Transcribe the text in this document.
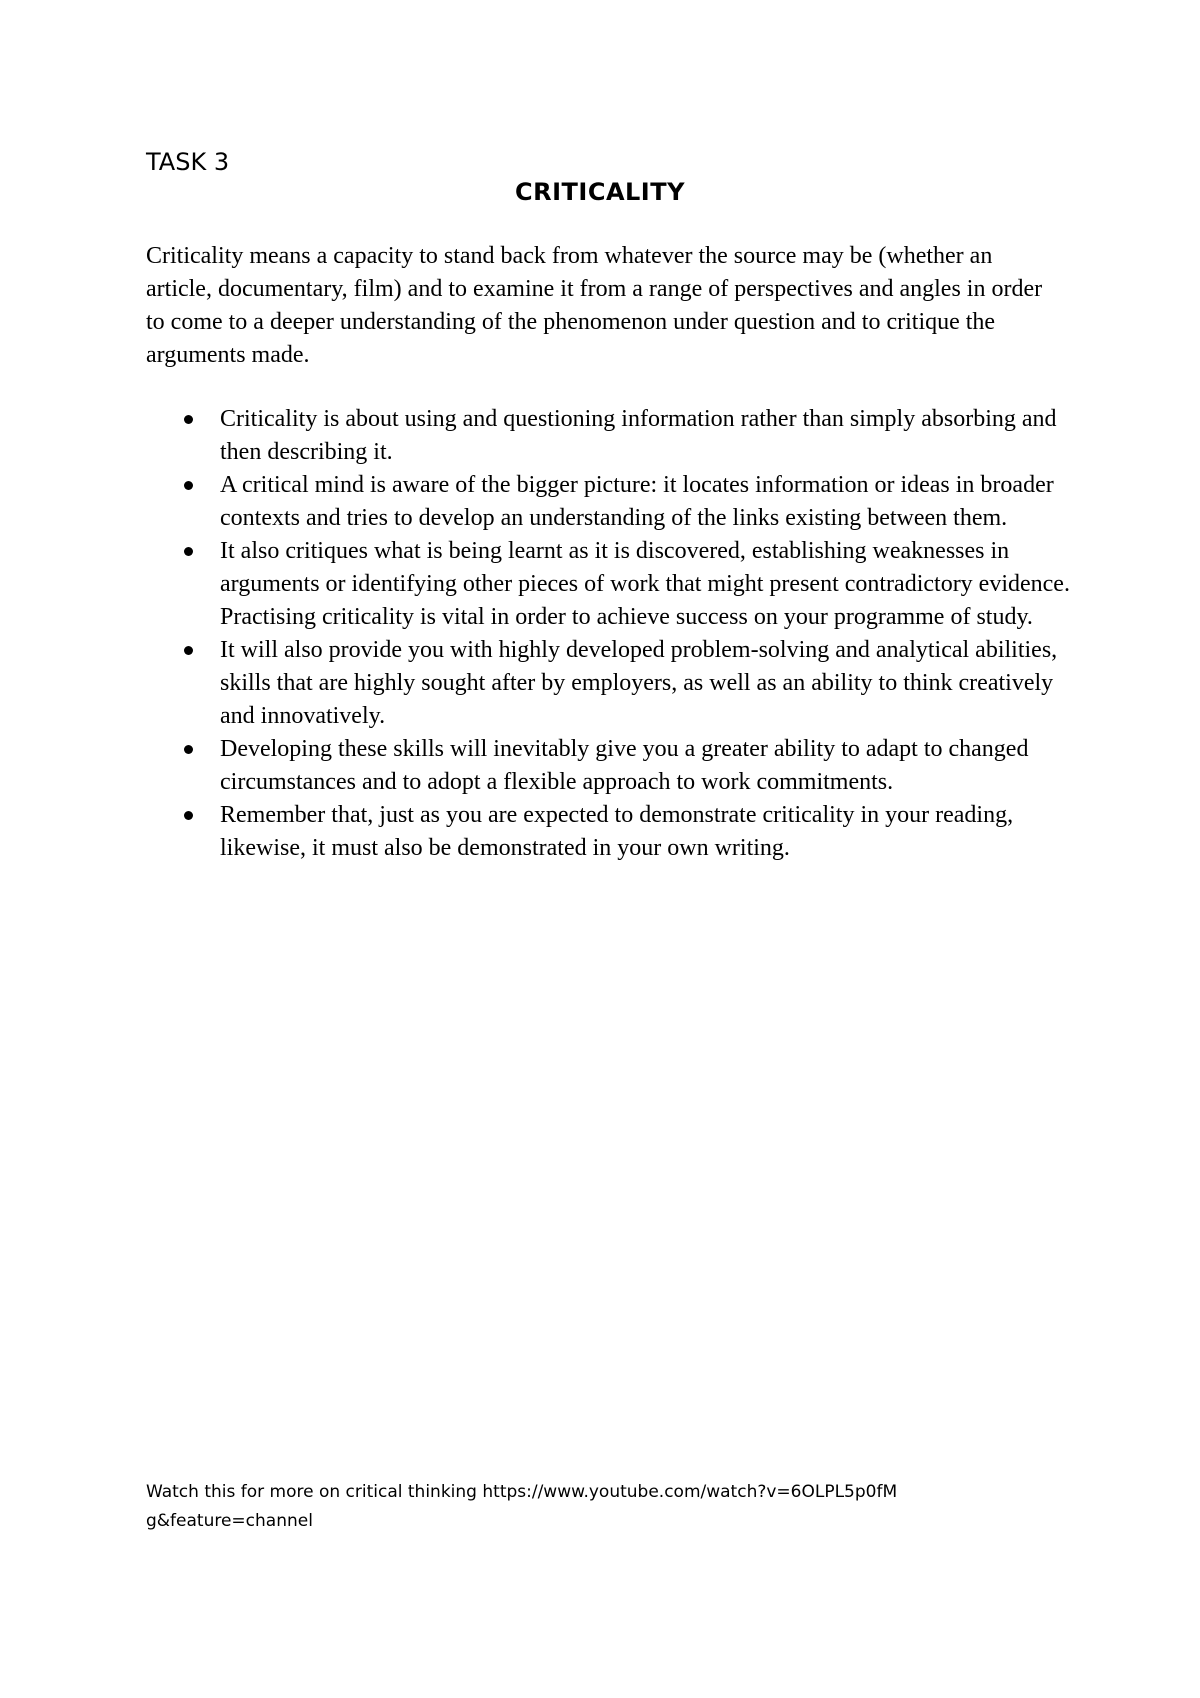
TASK 3

CRITICALITY

Criticality means a capacity to stand back from whatever the source may be (whether an article, documentary, film) and to examine it from a range of perspectives and angles in order to come to a deeper understanding of the phenomenon under question and to critique the arguments made.

Criticality is about using and questioning information rather than simply absorbing and then describing it.
A critical mind is aware of the bigger picture: it locates information or ideas in broader contexts and tries to develop an understanding of the links existing between them.
It also critiques what is being learnt as it is discovered, establishing weaknesses in arguments or identifying other pieces of work that might present contradictory evidence.
Practising criticality is vital in order to achieve success on your programme of study.
It will also provide you with highly developed problem-solving and analytical abilities, skills that are highly sought after by employers, as well as an ability to think creatively and innovatively.
Developing these skills will inevitably give you a greater ability to adapt to changed circumstances and to adopt a flexible approach to work commitments.
Remember that, just as you are expected to demonstrate criticality in your reading, likewise, it must also be demonstrated in your own writing.

Watch this for more on critical thinking https://www.youtube.com/watch?v=6OLPL5p0fMg&feature=channel
